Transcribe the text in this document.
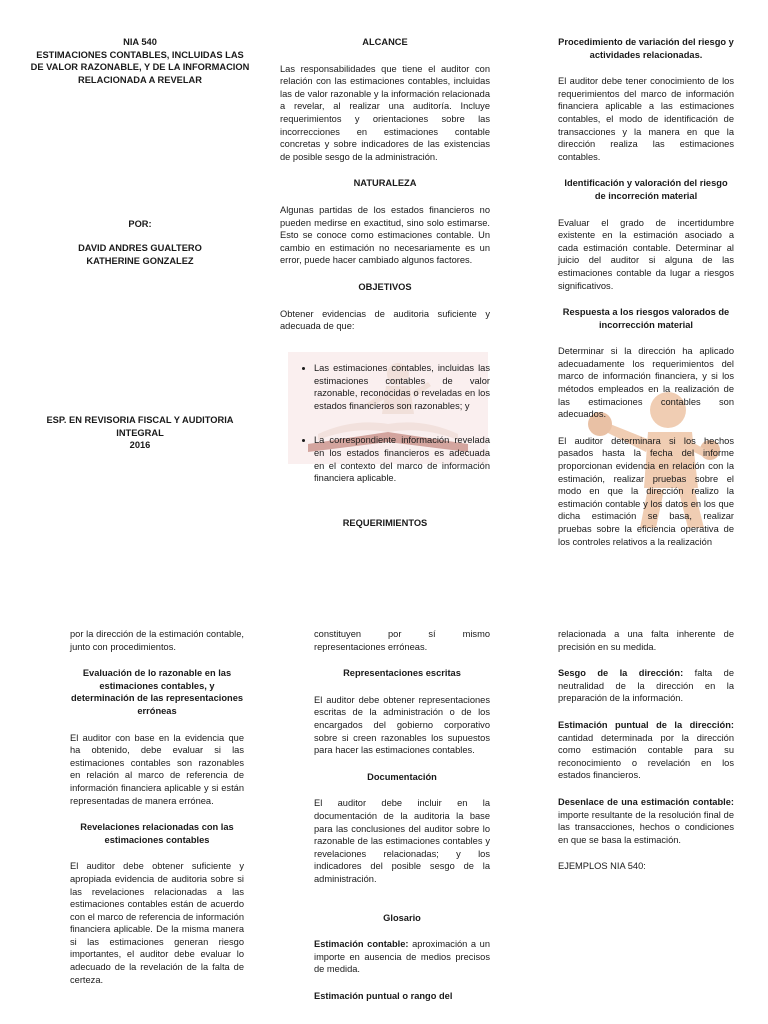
NIA 540
ESTIMACIONES CONTABLES, INCLUIDAS LAS DE VALOR RAZONABLE, Y DE LA INFORMACION RELACIONADA A REVELAR

POR:

DAVID ANDRES GUALTERO
KATHERINE GONZALEZ

ESP. EN REVISORIA FISCAL Y AUDITORIA INTEGRAL
2016

ALCANCE

Las responsabilidades que tiene el auditor con relación con las estimaciones contables, incluidas las de valor razonable y la información relacionada a revelar, al realizar una auditoría. Incluye requerimientos y orientaciones sobre las incorrecciones en estimaciones contable concretas y sobre indicadores de las existencias de posible sesgo de la administración.

NATURALEZA

Algunas partidas de los estados financieros no pueden medirse en exactitud, sino solo estimarse. Esto se conoce como estimaciones contable. Un cambio en estimación no necesariamente es un error, puede hacer cambiado algunos factores.

OBJETIVOS

Obtener evidencias de auditoria suficiente y adecuada de que:

• Las estimaciones contables, incluidas las estimaciones contables de valor razonable, reconocidas o reveladas en los estados financieros son razonables; y
• La correspondiente información revelada en los estados financieros es adecuada en el contexto del marco de información financiera aplicable.

REQUERIMIENTOS

Procedimiento de variación del riesgo y actividades relacionadas.

El auditor debe tener conocimiento de los requerimientos del marco de información financiera aplicable a las estimaciones contables, el modo de identificación de transacciones y la manera en que la dirección realiza las estimaciones contables.

Identificación y valoración del riesgo de incorreción material

Evaluar el grado de incertidumbre existente en la estimación asociado a cada estimación contable. Determinar al juicio del auditor si alguna de las estimaciones contable da lugar a riesgos significativos.

Respuesta a los riesgos valorados de incorrección material

Determinar si la dirección ha aplicado adecuadamente los requerimientos del marco de información financiera, y si los métodos empleados en la realización de las estimaciones contables son adecuados.

El auditor determinara si los hechos pasados hasta la fecha del informe proporcionan evidencia en relación con la estimación, realizar pruebas sobre el modo en que la dirección realizo la estimación contable y los datos en los que dicha estimación se basa, realizar pruebas sobre la eficiencia operativa de los controles relativos a la realización

por la dirección de la estimación contable, junto con procedimientos.

Evaluación de lo razonable en las estimaciones contables, y determinación de las representaciones erróneas

El auditor con base en la evidencia que ha obtenido, debe evaluar si las estimaciones contables son razonables en relación al marco de referencia de información financiera aplicable y si están representadas de manera errónea.

Revelaciones relacionadas con las estimaciones contables

El auditor debe obtener suficiente y apropiada evidencia de auditoria sobre si las revelaciones relacionadas a las estimaciones contables están de acuerdo con el marco de referencia de información financiera aplicable. De la misma manera si las estimaciones generan riesgo importantes, el auditor debe evaluar lo adecuado de la revelación de la falta de certeza.

constituyen por sí mismo representaciones erróneas.

Representaciones escritas

El auditor debe obtener representaciones escritas de la administración o de los encargados del gobierno corporativo sobre si creen razonables los supuestos para hacer las estimaciones contables.

Documentación

El auditor debe incluir en la documentación de la auditoria la base para las conclusiones del auditor sobre lo razonable de las estimaciones contables y revelaciones relacionadas; y los indicadores del posible sesgo de la administración.

Glosario

Estimación contable: aproximación a un importe en ausencia de medios precisos de medida.

Estimación puntual o rango del

relacionada a una falta inherente de precisión en su medida.

Sesgo de la dirección: falta de neutralidad de la dirección en la preparación de la información.

Estimación puntual de la dirección: cantidad determinada por la dirección como estimación contable para su reconocimiento o revelación en los estados financieros.

Desenlace de una estimación contable: importe resultante de la resolución final de las transacciones, hechos o condiciones en que se basa la estimación.

EJEMPLOS NIA 540:
